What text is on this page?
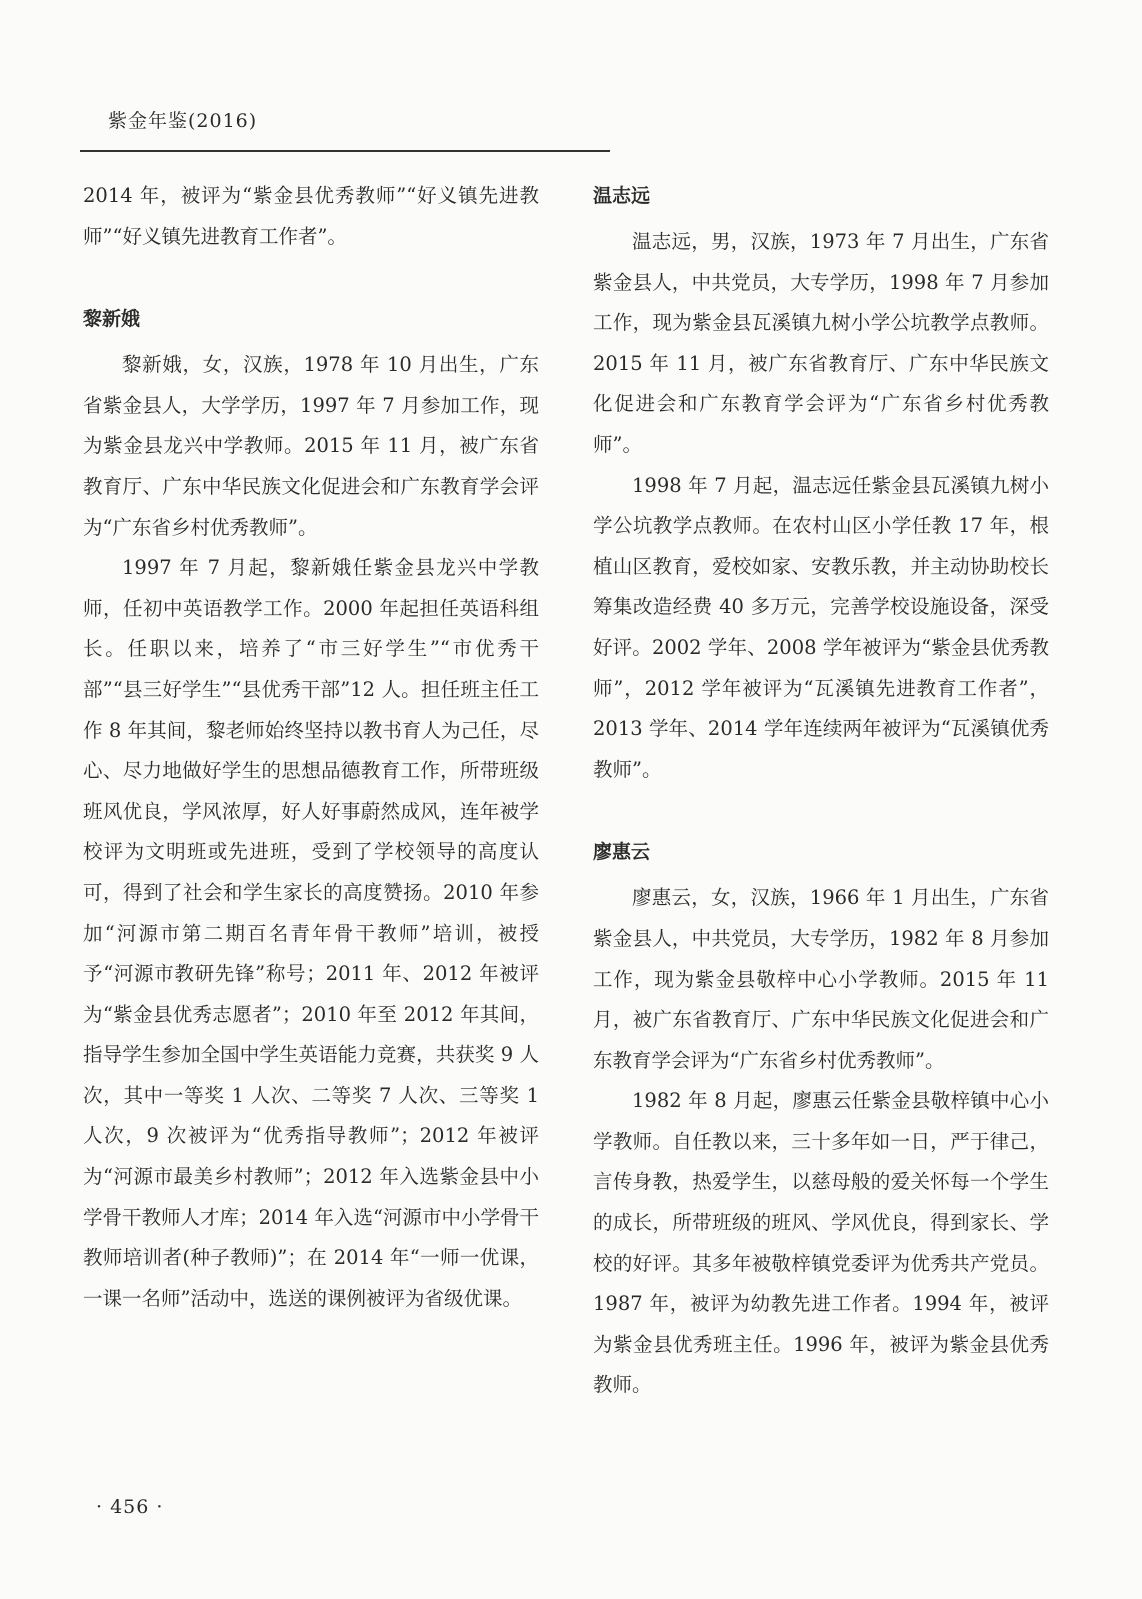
紫金年鉴(2016)

2014 年，被评为“紫金县优秀教师”“好义镇先进教师”“好义镇先进教育工作者”。

黎新娥

黎新娥，女，汉族，1978 年 10 月出生，广东省紫金县人，大学学历，1997 年 7 月参加工作，现为紫金县龙兴中学教师。2015 年 11 月，被广东省教育厅、广东中华民族文化促进会和广东教育学会评为“广东省乡村优秀教师”。

1997 年 7 月起，黎新娥任紫金县龙兴中学教师，任初中英语教学工作。2000 年起担任英语科组长。任职以来，培养了“市三好学生”“市优秀干部”“县三好学生”“县优秀干部”12 人。担任班主任工作 8 年其间，黎老师始终坚持以教书育人为己任，尽心、尽力地做好学生的思想品德教育工作，所带班级班风优良，学风浓厚，好人好事蔚然成风，连年被学校评为文明班或先进班，受到了学校领导的高度认可，得到了社会和学生家长的高度赞扬。2010 年参加“河源市第二期百名青年骨干教师”培训，被授予“河源市教研先锋”称号；2011 年、2012 年被评为“紫金县优秀志愿者”；2010 年至 2012 年其间，指导学生参加全国中学生英语能力竞赛，共获奖 9 人次，其中一等奖 1 人次、二等奖 7 人次、三等奖 1 人次，9 次被评为“优秀指导教师”；2012 年被评为“河源市最美乡村教师”；2012 年入选紫金县中小学骨干教师人才库；2014 年入选“河源市中小学骨干教师培训者(种子教师)”；在 2014 年“一师一优课，一课一名师”活动中，选送的课例被评为省级优课。

温志远

温志远，男，汉族，1973 年 7 月出生，广东省紫金县人，中共党员，大专学历，1998 年 7 月参加工作，现为紫金县瓦溪镇九树小学公坑教学点教师。2015 年 11 月，被广东省教育厅、广东中华民族文化促进会和广东教育学会评为“广东省乡村优秀教师”。

1998 年 7 月起，温志远任紫金县瓦溪镇九树小学公坑教学点教师。在农村山区小学任教 17 年，根植山区教育，爱校如家、安教乐教，并主动协助校长筹集改造经费 40 多万元，完善学校设施设备，深受好评。2002 学年、2008 学年被评为“紫金县优秀教师”，2012 学年被评为“瓦溪镇先进教育工作者”，2013 学年、2014 学年连续两年被评为“瓦溪镇优秀教师”。

廖惠云

廖惠云，女，汉族，1966 年 1 月出生，广东省紫金县人，中共党员，大专学历，1982 年 8 月参加工作，现为紫金县敬梓中心小学教师。2015 年 11 月，被广东省教育厅、广东中华民族文化促进会和广东教育学会评为“广东省乡村优秀教师”。

1982 年 8 月起，廖惠云任紫金县敬梓镇中心小学教师。自任教以来，三十多年如一日，严于律己，言传身教，热爱学生，以慈母般的爱关怀每一个学生的成长，所带班级的班风、学风优良，得到家长、学校的好评。其多年被敬梓镇党委评为优秀共产党员。1987 年，被评为幼教先进工作者。1994 年，被评为紫金县优秀班主任。1996 年，被评为紫金县优秀教师。

· 456 ·
